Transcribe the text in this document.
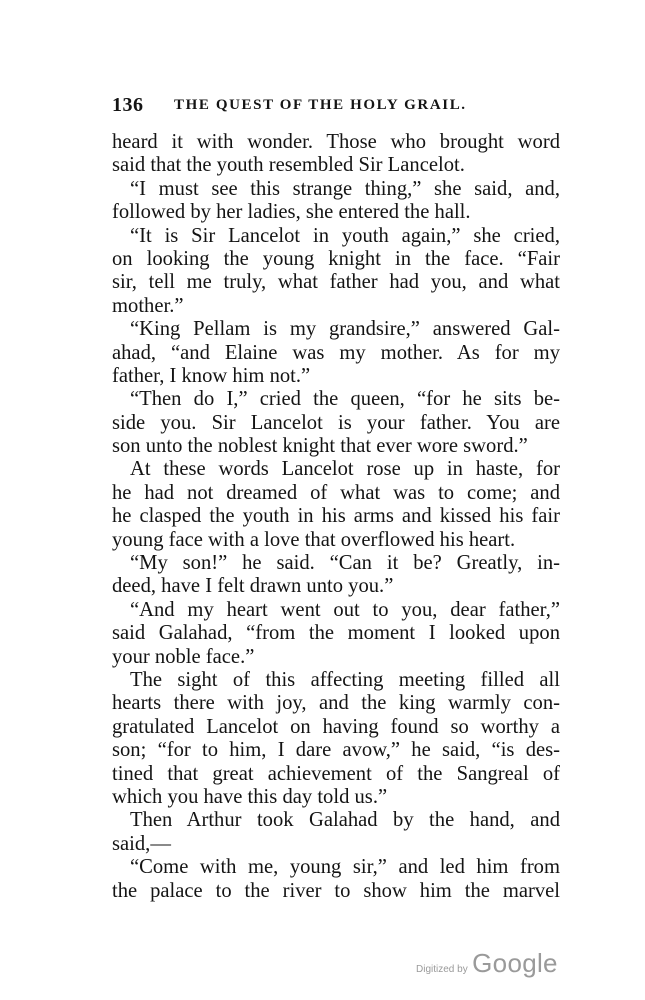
136 THE QUEST OF THE HOLY GRAIL.
heard it with wonder. Those who brought word
said that the youth resembled Sir Lancelot.
“I must see this strange thing,” she said, and,
followed by her ladies, she entered the hall.
“It is Sir Lancelot in youth again,” she cried,
on looking the young knight in the face. “Fair
sir, tell me truly, what father had you, and what
mother.”
“King Pellam is my grandsire,” answered Gal-
ahad, “and Elaine was my mother. As for my
father, I know him not.”
“Then do I,” cried the queen, “for he sits be-
side you. Sir Lancelot is your father. You are
son unto the noblest knight that ever wore sword.”
At these words Lancelot rose up in haste, for
he had not dreamed of what was to come; and
he clasped the youth in his arms and kissed his fair
young face with a love that overflowed his heart.
“My son!” he said. “Can it be? Greatly, in-
deed, have I felt drawn unto you.”
“And my heart went out to you, dear father,”
said Galahad, “from the moment I looked upon
your noble face.”
The sight of this affecting meeting filled all
hearts there with joy, and the king warmly con-
gratulated Lancelot on having found so worthy a
son; “for to him, I dare avow,” he said, “is des-
tined that great achievement of the Sangreal of
which you have this day told us.”
Then Arthur took Galahad by the hand, and
said,—
“Come with me, young sir,” and led him from
the palace to the river to show him the marvel
Digitized by Google
